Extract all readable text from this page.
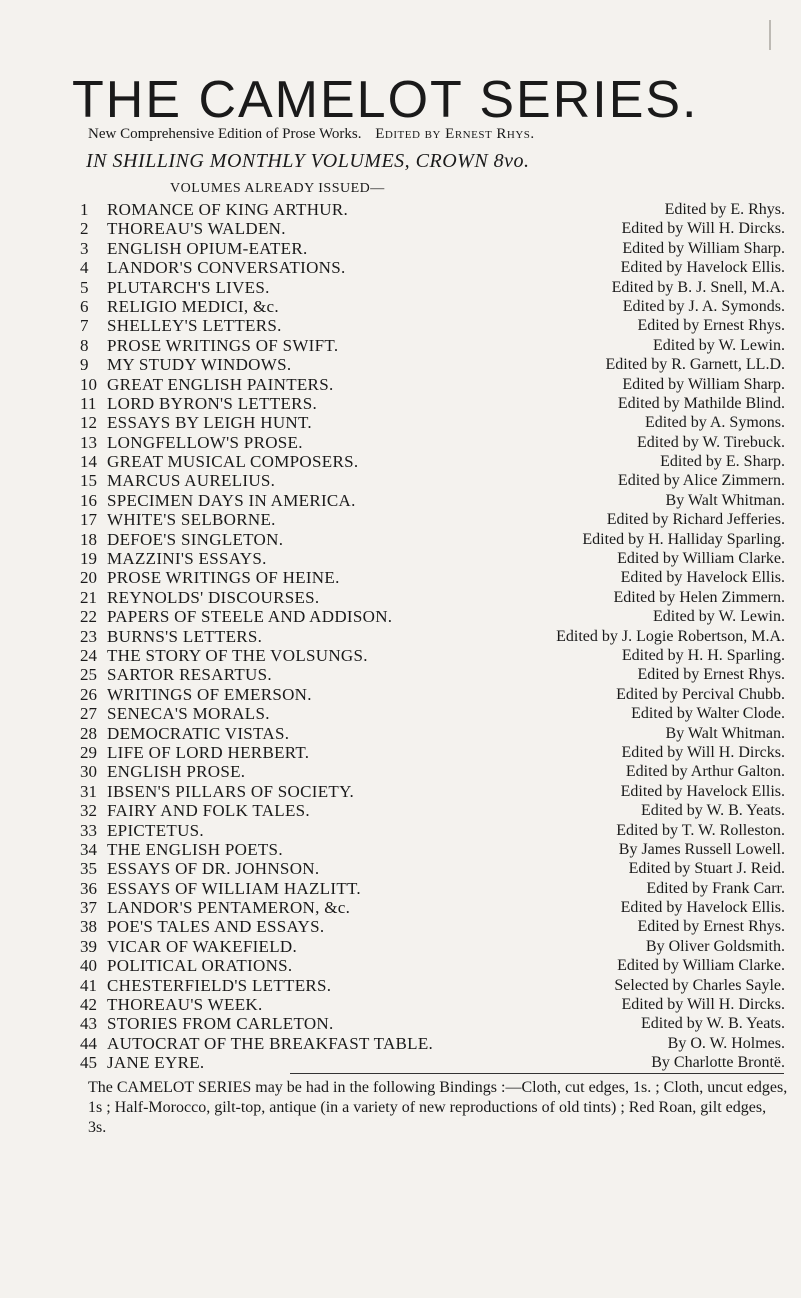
THE CAMELOT SERIES.
New Comprehensive Edition of Prose Works. Edited by Ernest Rhys.
IN SHILLING MONTHLY VOLUMES, CROWN 8vo.
VOLUMES ALREADY ISSUED—
1	ROMANCE OF KING ARTHUR.	Edited by E. Rhys.
2	THOREAU'S WALDEN.	Edited by Will H. Dircks.
3	ENGLISH OPIUM-EATER.	Edited by William Sharp.
4	LANDOR'S CONVERSATIONS.	Edited by Havelock Ellis.
5	PLUTARCH'S LIVES.	Edited by B. J. Snell, M.A.
6	RELIGIO MEDICI, &c.	Edited by J. A. Symonds.
7	SHELLEY'S LETTERS.	Edited by Ernest Rhys.
8	PROSE WRITINGS OF SWIFT.	Edited by W. Lewin.
9	MY STUDY WINDOWS.	Edited by R. Garnett, LL.D.
10 GREAT ENGLISH PAINTERS.	Edited by William Sharp.
11 LORD BYRON'S LETTERS.	Edited by Mathilde Blind.
12 ESSAYS BY LEIGH HUNT.	Edited by A. Symons.
13 LONGFELLOW'S PROSE.	Edited by W. Tirebuck.
14 GREAT MUSICAL COMPOSERS.	Edited by E. Sharp.
15 MARCUS AURELIUS.	Edited by Alice Zimmern.
16 SPECIMEN DAYS IN AMERICA.	By Walt Whitman.
17 WHITE'S SELBORNE.	Edited by Richard Jefferies.
18 DEFOE'S SINGLETON.	Edited by H. Halliday Sparling.
19 MAZZINI'S ESSAYS.	Edited by William Clarke.
20 PROSE WRITINGS OF HEINE.	Edited by Havelock Ellis.
21 REYNOLDS' DISCOURSES.	Edited by Helen Zimmern.
22 PAPERS OF STEELE AND ADDISON.	Edited by W. Lewin.
23 BURNS'S LETTERS.	Edited by J. Logie Robertson, M.A.
24 THE STORY OF THE VOLSUNGS.	Edited by H. H. Sparling.
25 SARTOR RESARTUS.	Edited by Ernest Rhys.
26 WRITINGS OF EMERSON.	Edited by Percival Chubb.
27 SENECA'S MORALS.	Edited by Walter Clode.
28 DEMOCRATIC VISTAS.	By Walt Whitman.
29 LIFE OF LORD HERBERT.	Edited by Will H. Dircks.
30 ENGLISH PROSE.	Edited by Arthur Galton.
31 IBSEN'S PILLARS OF SOCIETY.	Edited by Havelock Ellis.
32 FAIRY AND FOLK TALES.	Edited by W. B. Yeats.
33 EPICTETUS.	Edited by T. W. Rolleston.
34 THE ENGLISH POETS.	By James Russell Lowell.
35 ESSAYS OF DR. JOHNSON.	Edited by Stuart J. Reid.
36 ESSAYS OF WILLIAM HAZLITT.	Edited by Frank Carr.
37 LANDOR'S PENTAMERON, &c.	Edited by Havelock Ellis.
38 POE'S TALES AND ESSAYS.	Edited by Ernest Rhys.
39 VICAR OF WAKEFIELD.	By Oliver Goldsmith.
40 POLITICAL ORATIONS.	Edited by William Clarke.
41 CHESTERFIELD'S LETTERS.	Selected by Charles Sayle.
42 THOREAU'S WEEK.	Edited by Will H. Dircks.
43 STORIES FROM CARLETON.	Edited by W. B. Yeats.
44 AUTOCRAT OF THE BREAKFAST TABLE.	By O. W. Holmes.
45 JANE EYRE.	By Charlotte Brontë.
The CAMELOT SERIES may be had in the following Bindings :—Cloth, cut edges, 1s. ; Cloth, uncut edges, 1s ; Half-Morocco, gilt-top, antique (in a variety of new reproductions of old tints) ; Red Roan, gilt edges, 3s.
